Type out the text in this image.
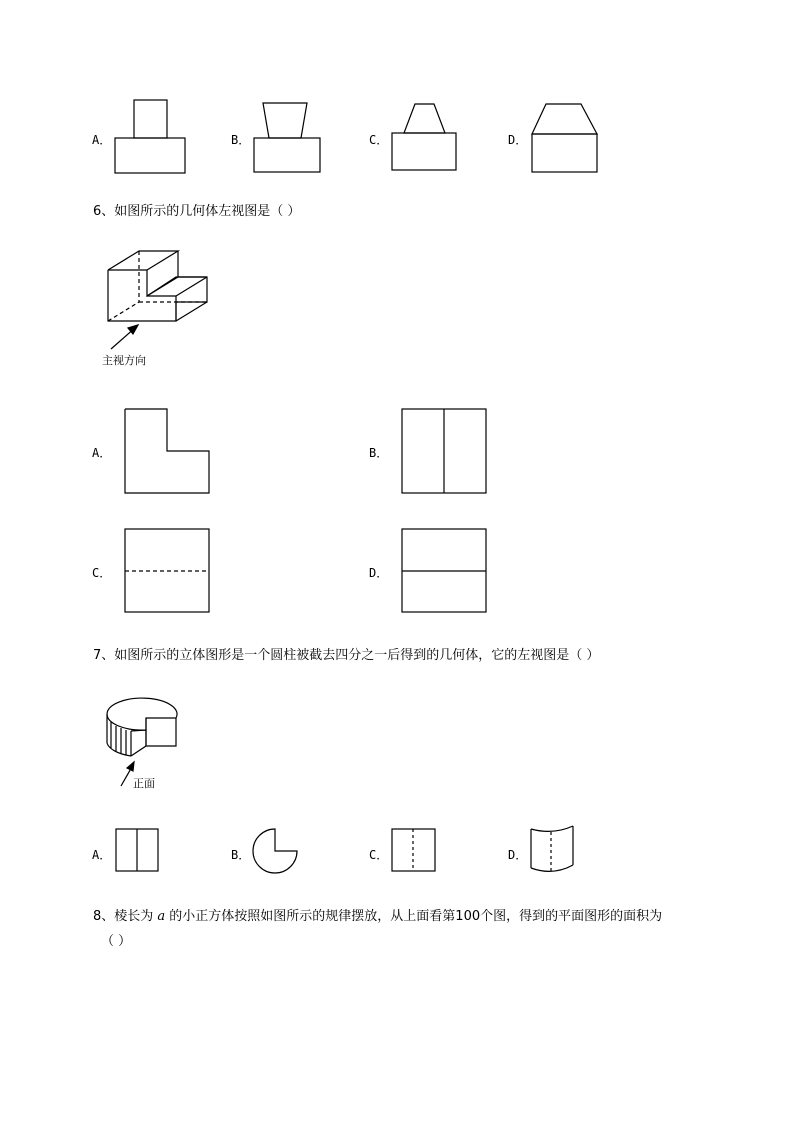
A．	B．	C．	D．
6、如图所示的几何体左视图是（ ）
主视方向
A．	B．
C．	D．
7、如图所示的立体图形是一个圆柱被截去四分之一后得到的几何体，它的左视图是（ ）
正面
A．	B．	C．	D．
8、棱长为 a 的小正方体按照如图所示的规律摆放，从上面看第100个图，得到的平面图形的面积为
（ ）
